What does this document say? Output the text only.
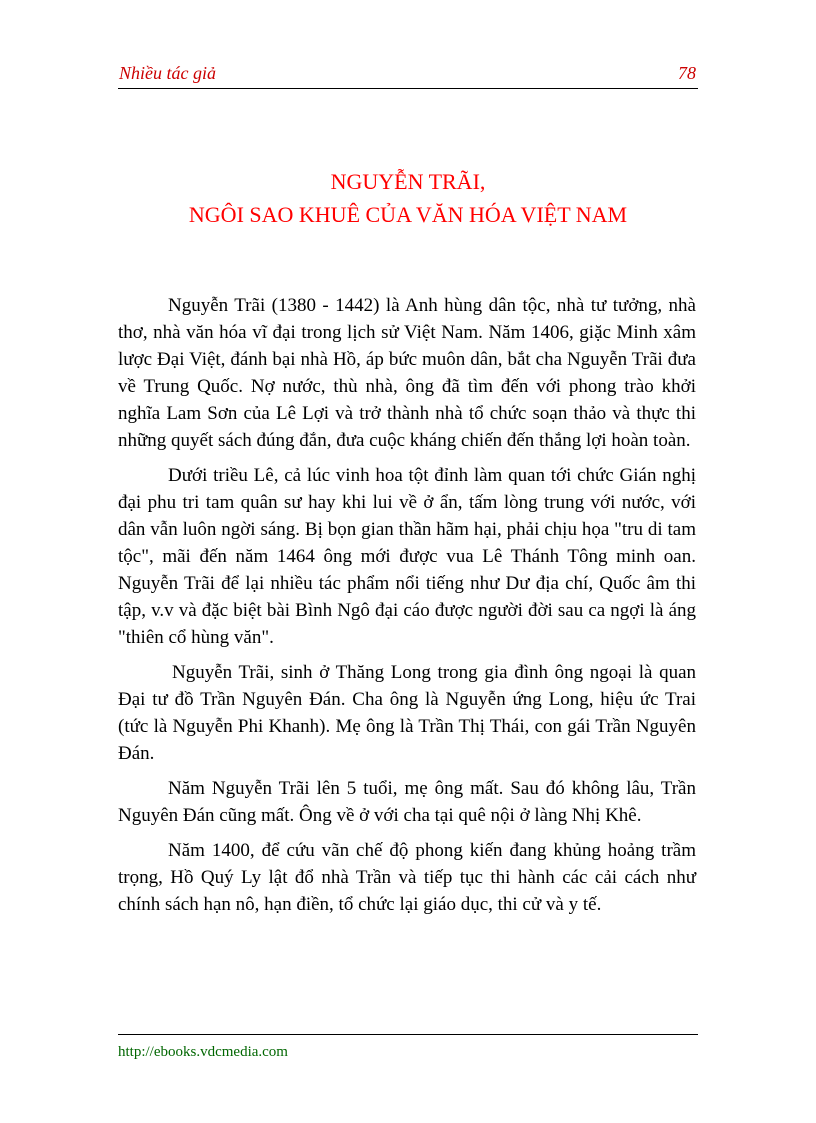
Nhiều tác giả	78
NGUYỄN TRÃI,
NGÔI SAO KHUÊ CỦA VĂN HÓA VIỆT NAM

Nguyễn Trãi (1380 - 1442) là Anh hùng dân tộc, nhà tư tưởng, nhà thơ, nhà văn hóa vĩ đại trong lịch sử Việt Nam. Năm 1406, giặc Minh xâm lược Đại Việt, đánh bại nhà Hồ, áp bức muôn dân, bắt cha Nguyễn Trãi đưa về Trung Quốc. Nợ nước, thù nhà, ông đã tìm đến với phong trào khởi nghĩa Lam Sơn của Lê Lợi và trở thành nhà tổ chức soạn thảo và thực thi những quyết sách đúng đắn, đưa cuộc kháng chiến đến thắng lợi hoàn toàn.

Dưới triều Lê, cả lúc vinh hoa tột đỉnh làm quan tới chức Gián nghị đại phu tri tam quân sư hay khi lui về ở ẩn, tấm lòng trung với nước, với dân vẫn luôn ngời sáng. Bị bọn gian thần hãm hại, phải chịu họa "tru di tam tộc", mãi đến năm 1464 ông mới được vua Lê Thánh Tông minh oan. Nguyễn Trãi để lại nhiều tác phẩm nổi tiếng như Dư địa chí, Quốc âm thi tập, v.v và đặc biệt bài Bình Ngô đại cáo được người đời sau ca ngợi là áng "thiên cổ hùng văn".

Nguyễn Trãi, sinh ở Thăng Long trong gia đình ông ngoại là quan Đại tư đồ Trần Nguyên Đán. Cha ông là Nguyễn ứng Long, hiệu ức Trai (tức là Nguyễn Phi Khanh). Mẹ ông là Trần Thị Thái, con gái Trần Nguyên Đán.

Năm Nguyễn Trãi lên 5 tuổi, mẹ ông mất. Sau đó không lâu, Trần Nguyên Đán cũng mất. Ông về ở với cha tại quê nội ở làng Nhị Khê.

Năm 1400, để cứu vãn chế độ phong kiến đang khủng hoảng trầm trọng, Hồ Quý Ly lật đổ nhà Trần và tiếp tục thi hành các cải cách như chính sách hạn nô, hạn điền, tổ chức lại giáo dục, thi cử và y tế.

http://ebooks.vdcmedia.com
